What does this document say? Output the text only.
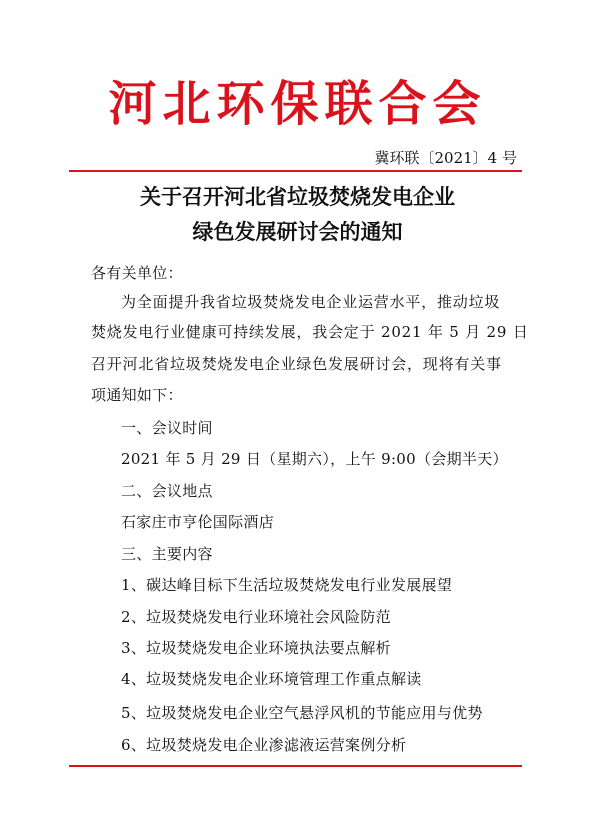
河北环保联合会
冀环联〔2021〕4 号
关于召开河北省垃圾焚烧发电企业
绿色发展研讨会的通知
各有关单位：
为全面提升我省垃圾焚烧发电企业运营水平，推动垃圾
焚烧发电行业健康可持续发展，我会定于 2021 年 5 月 29 日
召开河北省垃圾焚烧发电企业绿色发展研讨会，现将有关事
项通知如下：
一、会议时间
2021 年 5 月 29 日（星期六），上午 9:00（会期半天）
二、会议地点
石家庄市亨伦国际酒店
三、主要内容
1、碳达峰目标下生活垃圾焚烧发电行业发展展望
2、垃圾焚烧发电行业环境社会风险防范
3、垃圾焚烧发电企业环境执法要点解析
4、垃圾焚烧发电企业环境管理工作重点解读
5、垃圾焚烧发电企业空气悬浮风机的节能应用与优势
6、垃圾焚烧发电企业渗滤液运营案例分析
